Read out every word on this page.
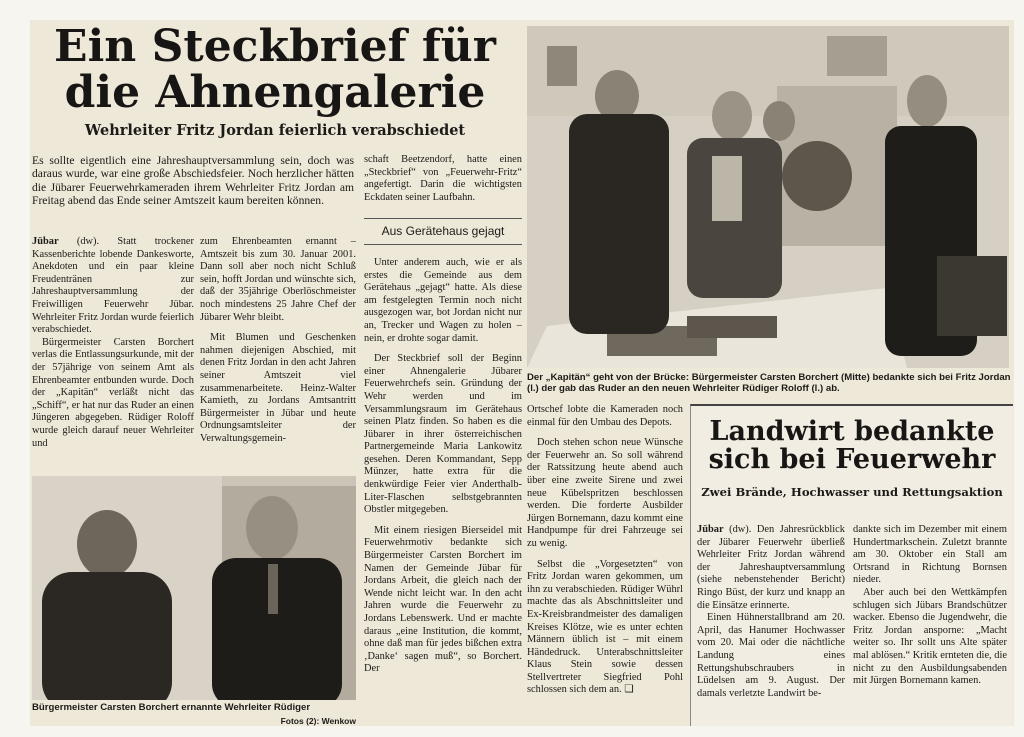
Ein Steckbrief für
die Ahnengalerie
Wehrleiter Fritz Jordan feierlich verabschiedet
Es sollte eigentlich eine Jahreshauptversammlung sein, doch was daraus wurde, war eine große Abschiedsfeier. Noch herzlicher hätten die Jübarer Feuerwehrkameraden ihrem Wehrleiter Fritz Jordan am Freitag abend das Ende seiner Amtszeit kaum bereiten können.

Jübar (dw). Statt trockener Kassenberichte lobende Dankesworte, Anekdoten und ein paar kleine Freudentränen zur Jahreshauptversammlung der Freiwilligen Feuerwehr Jübar. Wehrleiter Fritz Jordan wurde feierlich verabschiedet.

Bürgermeister Carsten Borchert verlas die Entlassungsurkunde, mit der der 57jährige von seinem Amt als Ehrenbeamter entbunden wurde. Doch der „Kapitän“ verläßt nicht das „Schiff“, er hat nur das Ruder an einen Jüngeren abgegeben. Rüdiger Roloff wurde gleich darauf neuer Wehrleiter und

zum Ehrenbeamten ernannt – Amtszeit bis zum 30. Januar 2001. Dann soll aber noch nicht Schluß sein, hofft Jordan und wünschte sich, daß der 35jährige Oberlöschmeister noch mindestens 25 Jahre Chef der Jübarer Wehr bleibt.

Mit Blumen und Geschenken nahmen diejenigen Abschied, mit denen Fritz Jordan in den acht Jahren seiner Amtszeit viel zusammenarbeitete. Heinz-Walter Kamieth, zu Jordans Amtsantritt Bürgermeister in Jübar und heute Ordnungsamtsleiter der Verwaltungsgemein-

schaft Beetzendorf, hatte einen „Steckbrief“ von „Feuerwehr-Fritz“ angefertigt. Darin die wichtigsten Eckdaten seiner Laufbahn.

Aus Gerätehaus gejagt

Unter anderem auch, wie er als erstes die Gemeinde aus dem Gerätehaus „gejagt“ hatte. Als diese am festgelegten Termin noch nicht ausgezogen war, bot Jordan nicht nur an, Trecker und Wagen zu holen – nein, er drohte sogar damit.

Der Steckbrief soll der Beginn einer Ahnengalerie Jübarer Feuerwehrchefs sein. Gründung der Wehr werden und im Versammlungsraum im Gerätehaus seinen Platz finden. So haben es die Jübarer in ihrer österreichischen Partnergemeinde Maria Lankowitz gesehen. Deren Kommandant, Sepp Münzer, hatte extra für die denkwürdige Feier vier Anderthalb-Liter-Flaschen selbstgebrannten Obstler mitgegeben.

Mit einem riesigen Bierseidel mit Feuerwehrmotiv bedankte sich Bürgermeister Carsten Borchert im Namen der Gemeinde Jübar für Jordans Arbeit, die gleich nach der Wende nicht leicht war. In den acht Jahren wurde die Feuerwehr zu Jordans Lebenswerk. Und er machte daraus „eine Institution, die kommt, ohne daß man für jedes bißchen extra ‚Danke‘ sagen muß“, so Borchert. Der

Der „Kapitän“ geht von der Brücke: Bürgermeister Carsten Borchert (Mitte) bedankte sich bei Fritz Jordan (l.) der gab das Ruder an den neuen Wehrleiter Rüdiger Roloff (l.) ab.

Ortschef lobte die Kameraden noch einmal für den Umbau des Depots.

Doch stehen schon neue Wünsche der Feuerwehr an. So soll während der Ratssitzung heute abend auch über eine zweite Sirene und zwei neue Kübelspritzen beschlossen werden. Die forderte Ausbilder Jürgen Bornemann, dazu kommt eine Handpumpe für drei Fahrzeuge sei zu wenig.

Selbst die „Vorgesetzten“ von Fritz Jordan waren gekommen, um ihn zu verabschieden. Rüdiger Wührl machte das als Abschnittsleiter und Ex-Kreisbrandmeister des damaligen Kreises Klötze, wie es unter echten Männern üblich ist – mit einem Händedruck. Unterabschnittsleiter Klaus Stein sowie dessen Stellvertreter Siegfried Pohl schlossen sich dem an. ❏

Bürgermeister Carsten Borchert ernannte Wehrleiter Rüdiger
Fotos (2): Wenkow
Landwirt bedankte
sich bei Feuerwehr
Zwei Brände, Hochwasser und Rettungsaktion

Jübar (dw). Den Jahresrückblick der Jübarer Feuerwehr überließ Wehrleiter Fritz Jordan während der Jahreshauptversammlung (siehe nebenstehender Bericht) Ringo Büst, der kurz und knapp an die Einsätze erinnerte.

Einen Hühnerstallbrand am 20. April, das Hanumer Hochwasser vom 20. Mai oder die nächtliche Landung eines Rettungshubschraubers in Lüdelsen am 9. August. Der damals verletzte Landwirt be-

dankte sich im Dezember mit einem Hundertmarkschein. Zuletzt brannte am 30. Oktober ein Stall am Ortsrand in Richtung Bornsen nieder.

Aber auch bei den Wettkämpfen schlugen sich Jübars Brandschützer wacker. Ebenso die Jugendwehr, die Fritz Jordan ansporne: „Macht weiter so. Ihr sollt uns Alte später mal ablösen.“ Kritik ernteten die, die nicht zu den Ausbildungsabenden mit Jürgen Bornemann kamen.
